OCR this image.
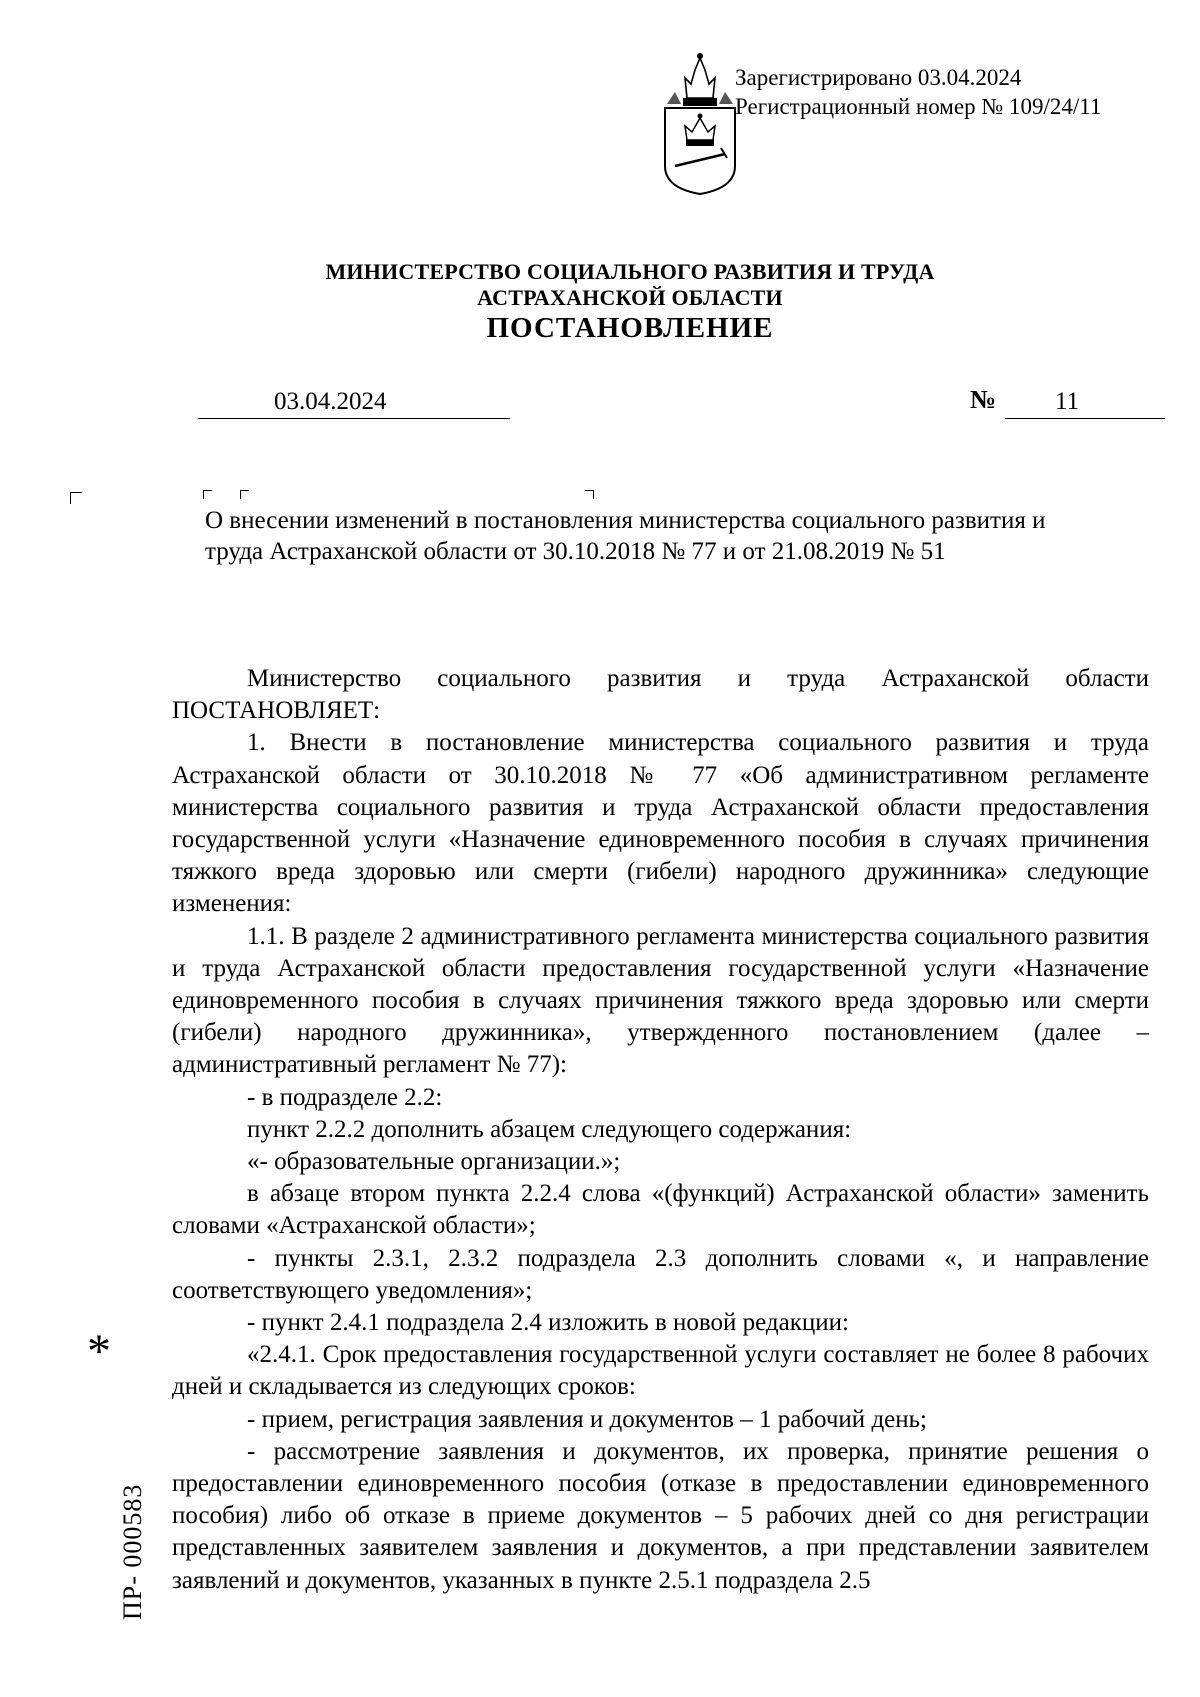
Зарегистрировано 03.04.2024
Регистрационный номер № 109/24/11
МИНИСТЕРСТВО СОЦИАЛЬНОГО РАЗВИТИЯ И ТРУДА
АСТРАХАНСКОЙ ОБЛАСТИ
ПОСТАНОВЛЕНИЕ
03.04.2024	№ 11
О внесении изменений в постановления министерства социального развития и труда Астраханской области от 30.10.2018 № 77 и от 21.08.2019 № 51

Министерство социального развития и труда Астраханской области ПОСТАНОВЛЯЕТ:

1. Внести в постановление министерства социального развития и труда Астраханской области от 30.10.2018 № 77 «Об административном регламенте министерства социального развития и труда Астраханской области предоставления государственной услуги «Назначение единовременного пособия в случаях причинения тяжкого вреда здоровью или смерти (гибели) народного дружинника» следующие изменения:

1.1. В разделе 2 административного регламента министерства социального развития и труда Астраханской области предоставления государственной услуги «Назначение единовременного пособия в случаях причинения тяжкого вреда здоровью или смерти (гибели) народного дружинника», утвержденного постановлением (далее – административный регламент № 77):

- в подразделе 2.2:

пункт 2.2.2 дополнить абзацем следующего содержания:

«- образовательные организации.»;

в абзаце втором пункта 2.2.4 слова «(функций) Астраханской области» заменить словами «Астраханской области»;

- пункты 2.3.1, 2.3.2 подраздела 2.3 дополнить словами «, и направление соответствующего уведомления»;

- пункт 2.4.1 подраздела 2.4 изложить в новой редакции:

«2.4.1. Срок предоставления государственной услуги составляет не более 8 рабочих дней и складывается из следующих сроков:

- прием, регистрация заявления и документов – 1 рабочий день;

- рассмотрение заявления и документов, их проверка, принятие решения о предоставлении единовременного пособия (отказе в предоставлении единовременного пособия) либо об отказе в приеме документов – 5 рабочих дней со дня регистрации представленных заявителем заявления и документов, а при представлении заявителем заявлений и документов, указанных в пункте 2.5.1 подраздела 2.5

*
ПР- 000583
